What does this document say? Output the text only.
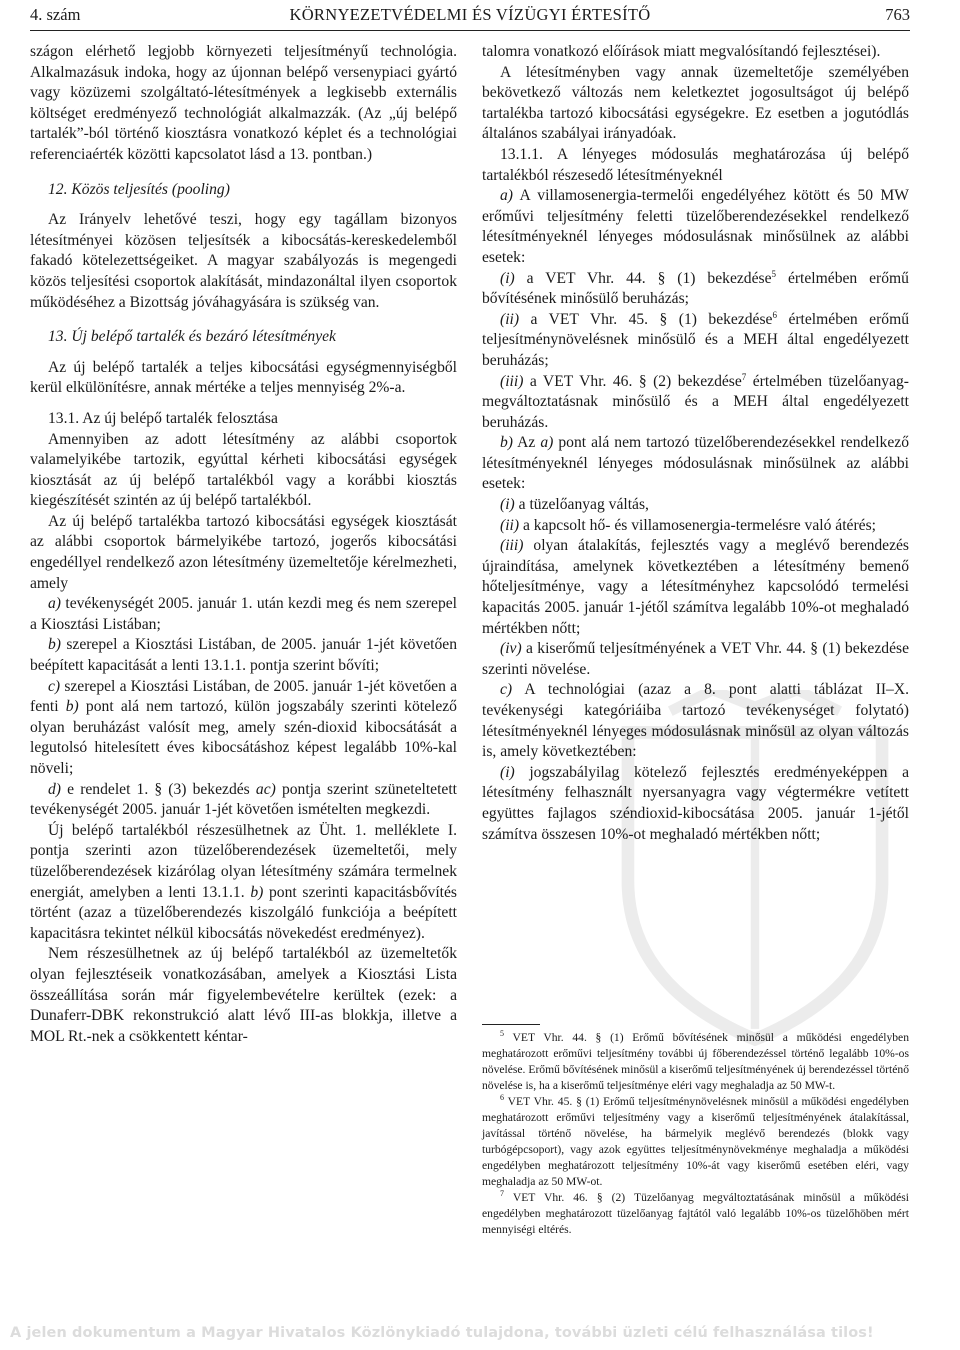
4. szám	KÖRNYEZETVÉDELMI ÉS VÍZÜGYI ÉRTESÍTŐ	763

szágon elérhető legjobb környezeti teljesítményű technológia. Alkalmazásuk indoka, hogy az újonnan belépő versenypiaci gyártó vagy közüzemi szolgáltató-létesítmények a legkisebb externális költséget eredményező technológiát alkalmazzák. (Az „új belépő tartalék”-ból történő kiosztásra vonatkozó képlet és a technológiai referenciaérték közötti kapcsolatot lásd a 13. pontban.)

12. Közös teljesítés (pooling)

Az Irányelv lehetővé teszi, hogy egy tagállam bizonyos létesítményei közösen teljesítsék a kibocsátás-kereskedelemből fakadó kötelezettségeiket. A magyar szabályozás is megengedi közös teljesítési csoportok alakítását, mindazonáltal ilyen csoportok működéséhez a Bizottság jóváhagyására is szükség van.

13. Új belépő tartalék és bezáró létesítmények

Az új belépő tartalék a teljes kibocsátási egységmennyiségből kerül elkülönítésre, annak mértéke a teljes mennyiség 2%-a.

13.1. Az új belépő tartalék felosztása

Amennyiben az adott létesítmény az alábbi csoportok valamelyikébe tartozik, egyúttal kérheti kibocsátási egységek kiosztását az új belépő tartalékból vagy a korábbi kiosztás kiegészítését szintén az új belépő tartalékból.

Az új belépő tartalékba tartozó kibocsátási egységek kiosztását az alábbi csoportok bármelyikébe tartozó, jogerős kibocsátási engedéllyel rendelkező azon létesítmény üzemeltetője kérelmezheti, amely

a) tevékenységét 2005. január 1. után kezdi meg és nem szerepel a Kiosztási Listában;

b) szerepel a Kiosztási Listában, de 2005. január 1-jét követően beépített kapacitását a lenti 13.1.1. pontja szerint bővíti;

c) szerepel a Kiosztási Listában, de 2005. január 1-jét követően a fenti b) pont alá nem tartozó, külön jogszabály szerinti kötelező olyan beruházást valósít meg, amely szén-dioxid kibocsátását a legutolsó hitelesített éves kibocsátáshoz képest legalább 10%-kal növeli;

d) e rendelet 1. § (3) bekezdés ac) pontja szerint szüneteltetett tevékenységét 2005. január 1-jét követően ismételten megkezdi.

Új belépő tartalékból részesülhetnek az Üht. 1. melléklete I. pontja szerinti azon tüzelőberendezések üzemeltetői, mely tüzelőberendezések kizárólag olyan létesítmény számára termelnek energiát, amelyben a lenti 13.1.1. b) pont szerinti kapacitásbővítés történt (azaz a tüzelőberendezés kiszolgáló funkciója a beépített kapacitásra tekintet nélkül kibocsátás növekedést eredményez).

Nem részesülhetnek az új belépő tartalékból az üzemeltetők olyan fejlesztéseik vonatkozásában, amelyek a Kiosztási Lista összeállítása során már figyelembevételre kerültek (ezek: a Dunaferr-DBK rekonstrukció alatt lévő III-as blokkja, illetve a MOL Rt.-nek a csökkentett kéntar-

talomra vonatkozó előírások miatt megvalósítandó fejlesztései).

A létesítményben vagy annak üzemeltetője személyében bekövetkező változás nem keletkeztet jogosultságot új belépő tartalékba tartozó kibocsátási egységekre. Ez esetben a jogutódlás általános szabályai irányadóak.

13.1.1. A lényeges módosulás meghatározása új belépő tartalékból részesedő létesítményeknél

a) A villamosenergia-termelői engedélyéhez kötött és 50 MW erőművi teljesítmény feletti tüzelőberendezésekkel rendelkező létesítményeknél lényeges módosulásnak minősülnek az alábbi esetek:

(i) a VET Vhr. 44. § (1) bekezdése$^5$ értelmében erőmű bővítésének minősülő beruházás;

(ii) a VET Vhr. 45. § (1) bekezdése$^6$ értelmében erőmű teljesítménynövelésnek minősülő és a MEH által engedélyezett beruházás;

(iii) a VET Vhr. 46. § (2) bekezdése$^7$ értelmében tüzelőanyag-megváltoztatásnak minősülő és a MEH által engedélyezett beruházás.

b) Az a) pont alá nem tartozó tüzelőberendezésekkel rendelkező létesítményeknél lényeges módosulásnak minősülnek az alábbi esetek:

(i) a tüzelőanyag váltás,

(ii) a kapcsolt hő- és villamosenergia-termelésre való átérés;

(iii) olyan átalakítás, fejlesztés vagy a meglévő berendezés újraindítása, amelynek következtében a létesítmény bemenő hőteljesítménye, vagy a létesítményhez kapcsolódó termelési kapacitás 2005. január 1-jétől számítva legalább 10%-ot meghaladó mértékben nőtt;

(iv) a kiserőmű teljesítményének a VET Vhr. 44. § (1) bekezdése szerinti növelése.

c) A technológiai (azaz a 8. pont alatti táblázat II–X. tevékenységi kategóriáiba tartozó tevékenységet folytató) létesítményeknél lényeges módosulásnak minősül az olyan változás is, amely következtében:

(i) jogszabályilag kötelező fejlesztés eredményeképpen a létesítmény felhasznált nyersanyagra vagy végtermékre vetített együttes fajlagos széndioxid-kibocsátása 2005. január 1-jétől számítva összesen 10%-ot meghaladó mértékben nőtt;

$^5$ VET Vhr. 44. § (1) Erőmű bővítésének minősül a működési engedélyben meghatározott erőművi teljesítmény további új főberendezéssel történő legalább 10%-os növelése. Erőmű bővítésének minősül a kiserőmű teljesítményének új berendezéssel történő növelése is, ha a kiserőmű teljesítménye eléri vagy meghaladja az 50 MW-t.

$^6$ VET Vhr. 45. § (1) Erőmű teljesítménynövelésnek minősül a működési engedélyben meghatározott erőművi teljesítmény vagy a kiserőmű teljesítményének átalakítással, javítással történő növelése, ha bármelyik meglévő berendezés (blokk vagy turbógépcsoport), vagy azok együttes teljesítménynövekménye meghaladja a működési engedélyben meghatározott teljesítmény 10%-át vagy kiserőmű esetében eléri, vagy meghaladja az 50 MW-ot.

$^7$ VET Vhr. 46. § (2) Tüzelőanyag megváltoztatásának minősül a működési engedélyben meghatározott tüzelőanyag fajtától való legalább 10%-os tüzelőhöben mért mennyiségi eltérés.

A jelen dokumentum a Magyar Hivatalos Közlönykiadó tulajdona, további üzleti célú felhasználása tilos!
